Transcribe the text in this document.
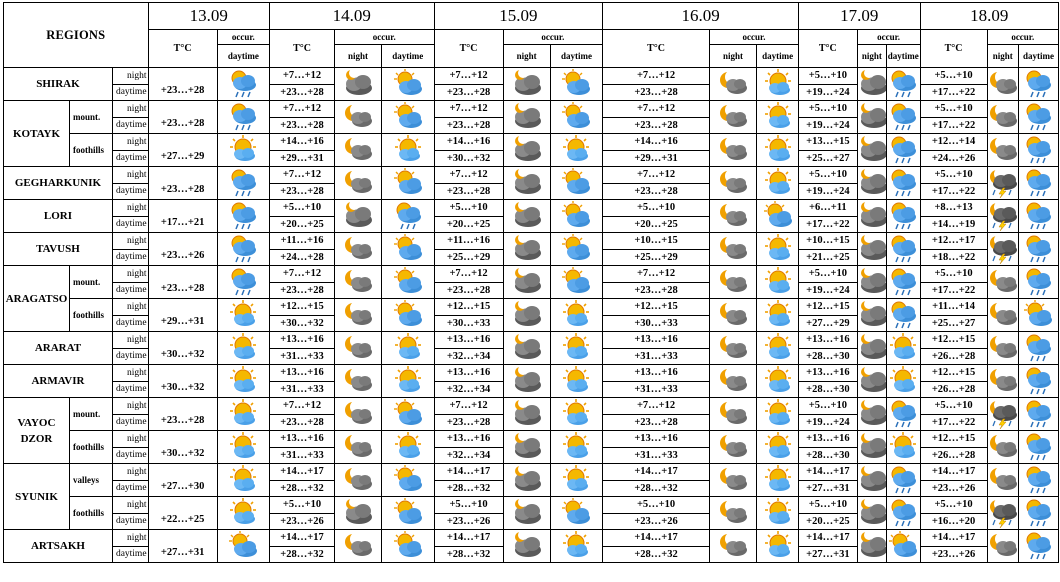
REGIONS			13.09		14.09			15.09			16.09			17.09			18.09		
			T°C	occur.	T°C	occur.		T°C	occur.		T°C	occur.		T°C	occur.		T°C	occur.	
				daytime		night	daytime		night	daytime		night	daytime		night	daytime		night	daytime
SHIRAK		night	+23…+28		+7…+12			+7…+12			+7…+12			+5…+10			+5…+10	

		daytime			+23…+28			+23…+28			+23…+28			+19…+24			+17…+22		
KOTAYK	mount.	night	+23…+28		+7…+12			+7…+12			+7…+12			+5…+10			+5…+10	

		daytime			+23…+28			+23…+28			+23…+28			+19…+24			+17…+22		
	foothills	night	+27…+29		+14…+16			+14…+16			+14…+16			+13…+15			+12…+14	

		daytime			+29…+31			+30…+32			+29…+31			+25…+27			+24…+26		
GEGHARKUNIK		night	+23…+28		+7…+12			+7…+12			+7…+12			+5…+10			+5…+10	

		daytime			+23…+28			+23…+28			+23…+28			+19…+24			+17…+22		
LORI		night	+17…+21		+5…+10			+5…+10			+5…+10			+6…+11			+8…+13	

		daytime			+20…+25			+20…+25			+20…+25			+17…+22			+14…+19		
TAVUSH		night	+23…+26		+11…+16			+11…+16			+10…+15			+10…+15			+12…+17	

		daytime			+24…+28			+25…+29			+25…+29			+21…+25			+18…+22		
ARAGATSO	mount.	night	+23…+28		+7…+12			+7…+12			+7…+12			+5…+10			+5…+10	

		daytime			+23…+28			+23…+28			+23…+28			+19…+24			+17…+22		
	foothills	night	+29…+31		+12…+15			+12…+15			+12…+15			+12…+15			+11…+14	

		daytime			+30…+32			+30…+33			+30…+33			+27…+29			+25…+27		
ARARAT		night	+30…+32		+13…+16			+13…+16			+13…+16			+13…+16			+12…+15	

		daytime			+31…+33			+32…+34			+31…+33			+28…+30			+26…+28		
ARMAVIR		night	+30…+32		+13…+16			+13…+16			+13…+16			+13…+16			+12…+15	

		daytime			+31…+33			+32…+34			+31…+33			+28…+30			+26…+28		
VAYOC DZOR	mount.	night	+23…+28		+7…+12			+7…+12			+7…+12			+5…+10			+5…+10	

		daytime			+23…+28			+23…+28			+23…+28			+19…+24			+17…+22		
	foothills	night	+30…+32		+13…+16			+13…+16			+13…+16			+13…+16			+12…+15	

		daytime			+31…+33			+32…+34			+31…+33			+28…+30			+26…+28		
SYUNIK	valleys	night	+27…+30		+14…+17			+14…+17			+14…+17			+14…+17			+14…+17	

		daytime			+28…+32			+28…+32			+28…+32			+27…+31			+23…+26		
	foothills	night	+22…+25		+5…+10			+5…+10			+5…+10			+5…+10			+5…+10	

		daytime			+23…+26			+23…+26			+23…+26			+20…+25			+16…+20		
ARTSAKH		night	+27…+31		+14…+17			+14…+17			+14…+17			+14…+17			+14…+17	

		daytime			+28…+32			+28…+32			+28…+32			+27…+31			+23…+26		
